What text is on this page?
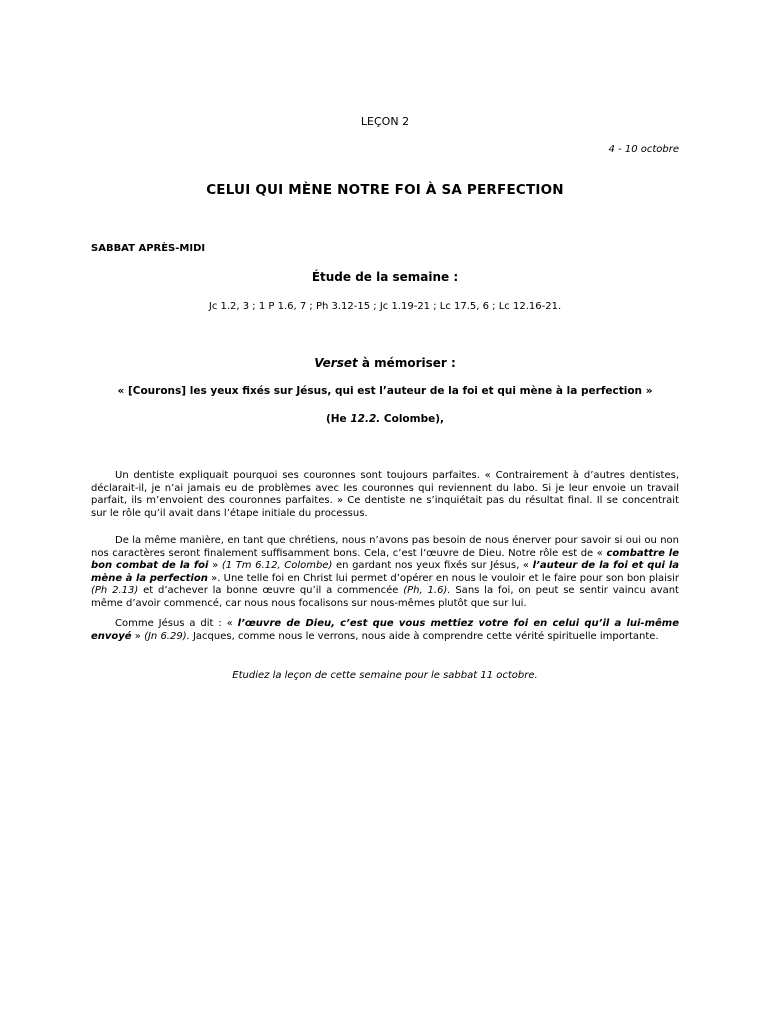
LEÇON 2

4 - 10 octobre

CELUI QUI MÈNE NOTRE FOI À SA PERFECTION

SABBAT APRÈS-MIDI

Étude de la semaine :

Jc 1.2, 3 ; 1 P 1.6, 7 ; Ph 3.12-15 ; Jc 1.19-21 ; Lc 17.5, 6 ; Lc 12.16-21.

Verset à mémoriser :

« [Courons] les yeux fixés sur Jésus, qui est l’auteur de la foi et qui mène à la perfection »

(He 12.2. Colombe),

Un dentiste expliquait pourquoi ses couronnes sont toujours parfaites. « Contrairement à d’autres dentistes, déclarait-il, je n’ai jamais eu de problèmes avec les couronnes qui reviennent du labo. Si je leur envoie un travail parfait, ils m’envoient des couronnes parfaites. » Ce dentiste ne s’inquiétait pas du résultat final. Il se concentrait sur le rôle qu’il avait dans l’étape initiale du processus.

De la même manière, en tant que chrétiens, nous n’avons pas besoin de nous énerver pour savoir si oui ou non nos caractères seront finalement suffisamment bons. Cela, c’est l’œuvre de Dieu. Notre rôle est de « combattre le bon combat de la foi » (1 Tm 6.12, Colombe) en gardant nos yeux fixés sur Jésus, « l’auteur de la foi et qui la mène à la perfection ». Une telle foi en Christ lui permet d’opérer en nous le vouloir et le faire pour son bon plaisir (Ph 2.13) et d’achever la bonne œuvre qu’il a commencée (Ph, 1.6). Sans la foi, on peut se sentir vaincu avant même d’avoir commencé, car nous nous focalisons sur nous-mêmes plutôt que sur lui.

Comme Jésus a dit : « l’œuvre de Dieu, c’est que vous mettiez votre foi en celui qu’il a lui-même envoyé » (Jn 6.29). Jacques, comme nous le verrons, nous aide à comprendre cette vérité spirituelle importante.

Etudiez la leçon de cette semaine pour le sabbat 11 octobre.
